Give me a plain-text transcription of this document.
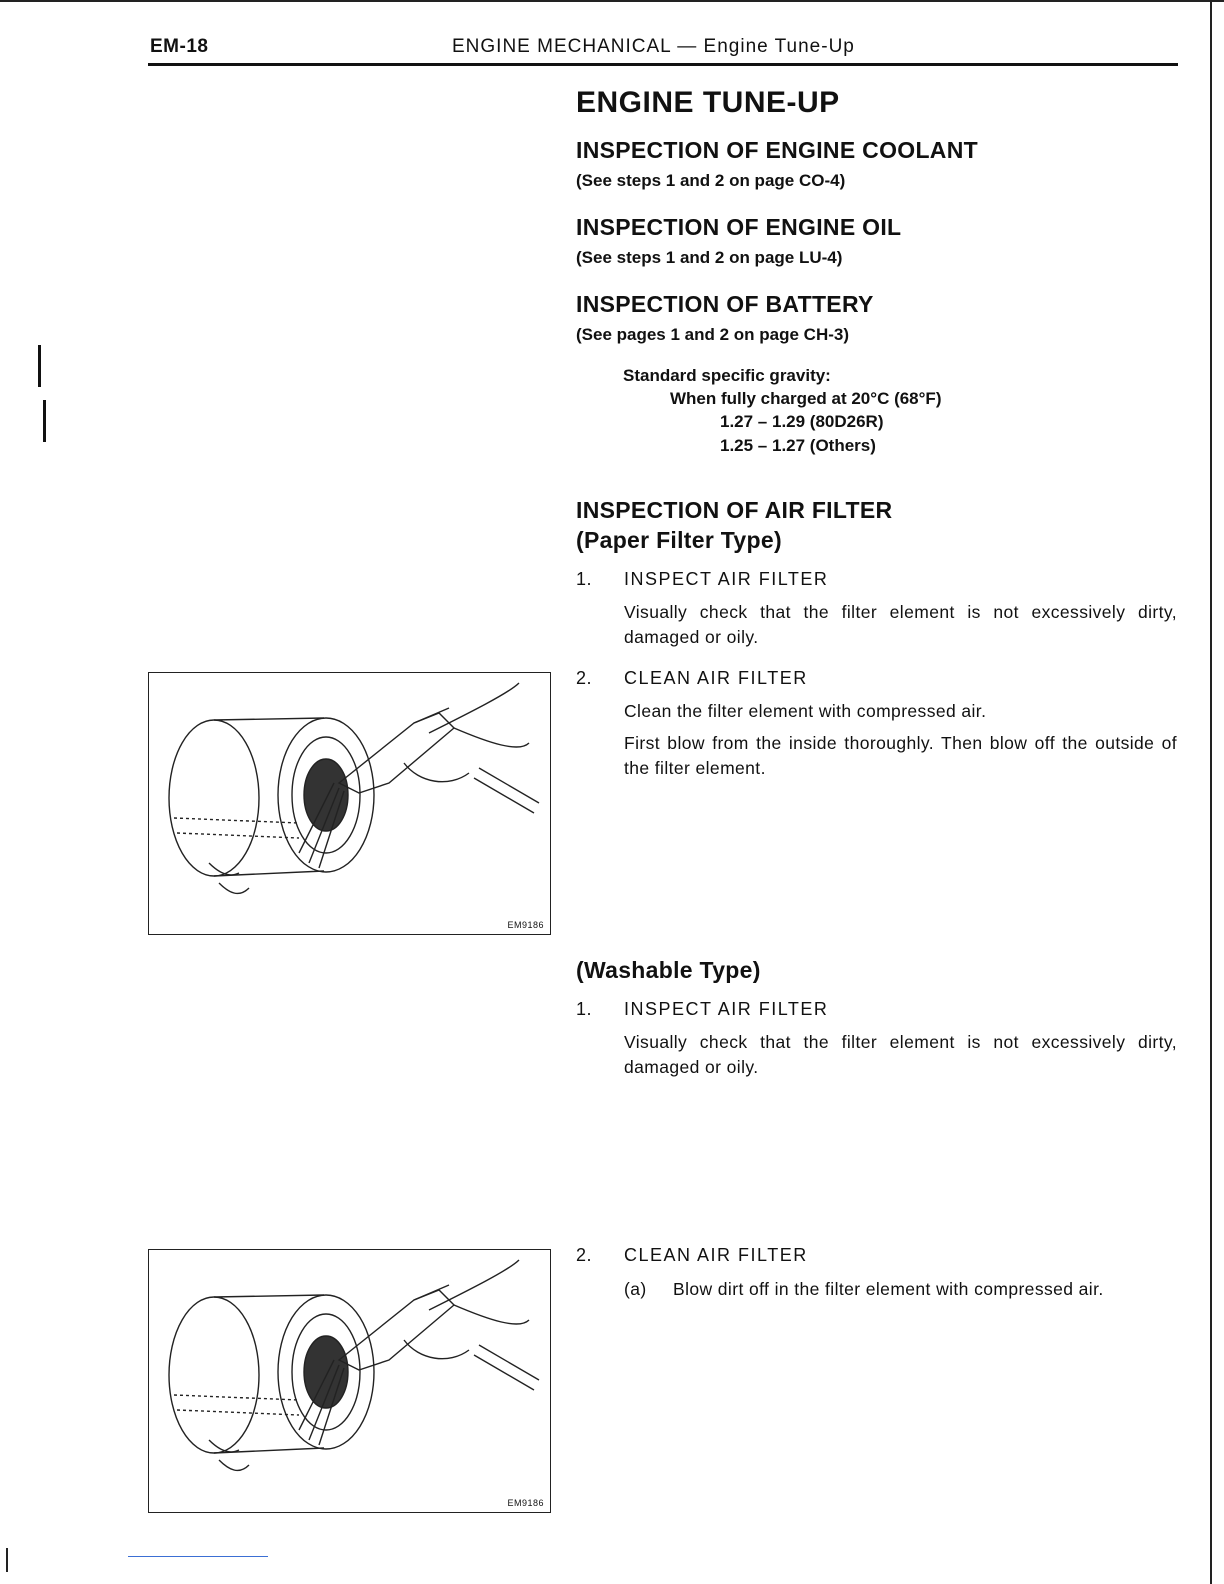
EM-18	ENGINE MECHANICAL — Engine Tune-Up
ENGINE TUNE-UP
INSPECTION OF ENGINE COOLANT
(See steps 1 and 2 on page CO-4)
INSPECTION OF ENGINE OIL
(See steps 1 and 2 on page LU-4)
INSPECTION OF BATTERY
(See pages 1 and 2 on page CH-3)
Standard specific gravity:
When fully charged at 20°C (68°F)
1.27 – 1.29 (80D26R)
1.25 – 1.27 (Others)
INSPECTION OF AIR FILTER
(Paper Filter Type)
1. INSPECT AIR FILTER
Visually check that the filter element is not excessively dirty, damaged or oily.
2. CLEAN AIR FILTER
Clean the filter element with compressed air.
First blow from the inside thoroughly. Then blow off the outside of the filter element.
(Washable Type)
1. INSPECT AIR FILTER
Visually check that the filter element is not excessively dirty, damaged or oily.
2. CLEAN AIR FILTER
(a) Blow dirt off in the filter element with compressed air.
EM9186
EM9186
